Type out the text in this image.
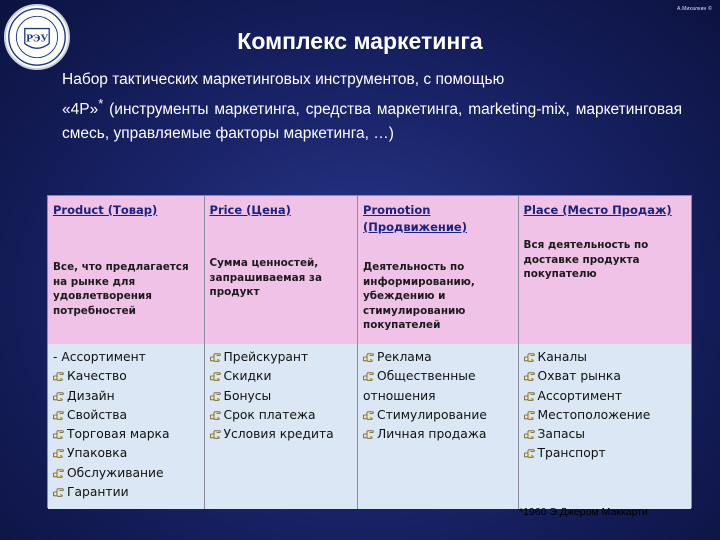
А.Михалкин ©
РЭУ	Комплекс маркетинга
Набор тактических маркетинговых инструментов, с помощью
«4P»* (инструменты маркетинга, средства маркетинга, marketing-mix, маркетинговая смесь, управляемые факторы маркетинга, …)
Product (Товар)
Все, что предлагается на рынке для удовлетворения потребностей
Price (Цена)
Сумма ценностей, запрашиваемая за продукт
Promotion (Продвижение)
Деятельность по информированию, убеждению и стимулированию покупателей
Place (Место Продаж)
Вся деятельность по доставке продукта покупателю
- Ассортимент
Качество
Дизайн
Свойства
Торговая марка
Упаковка
Обслуживание
Гарантии
Прейскурант
Скидки
Бонусы
Срок платежа
Условия кредита
Реклама
Общественные
отношения
Стимулирование
Личная продажа
Каналы
Охват рынка
Ассортимент
Местоположение
Запасы
Транспорт
*1960 Э.Джером Маккарти
